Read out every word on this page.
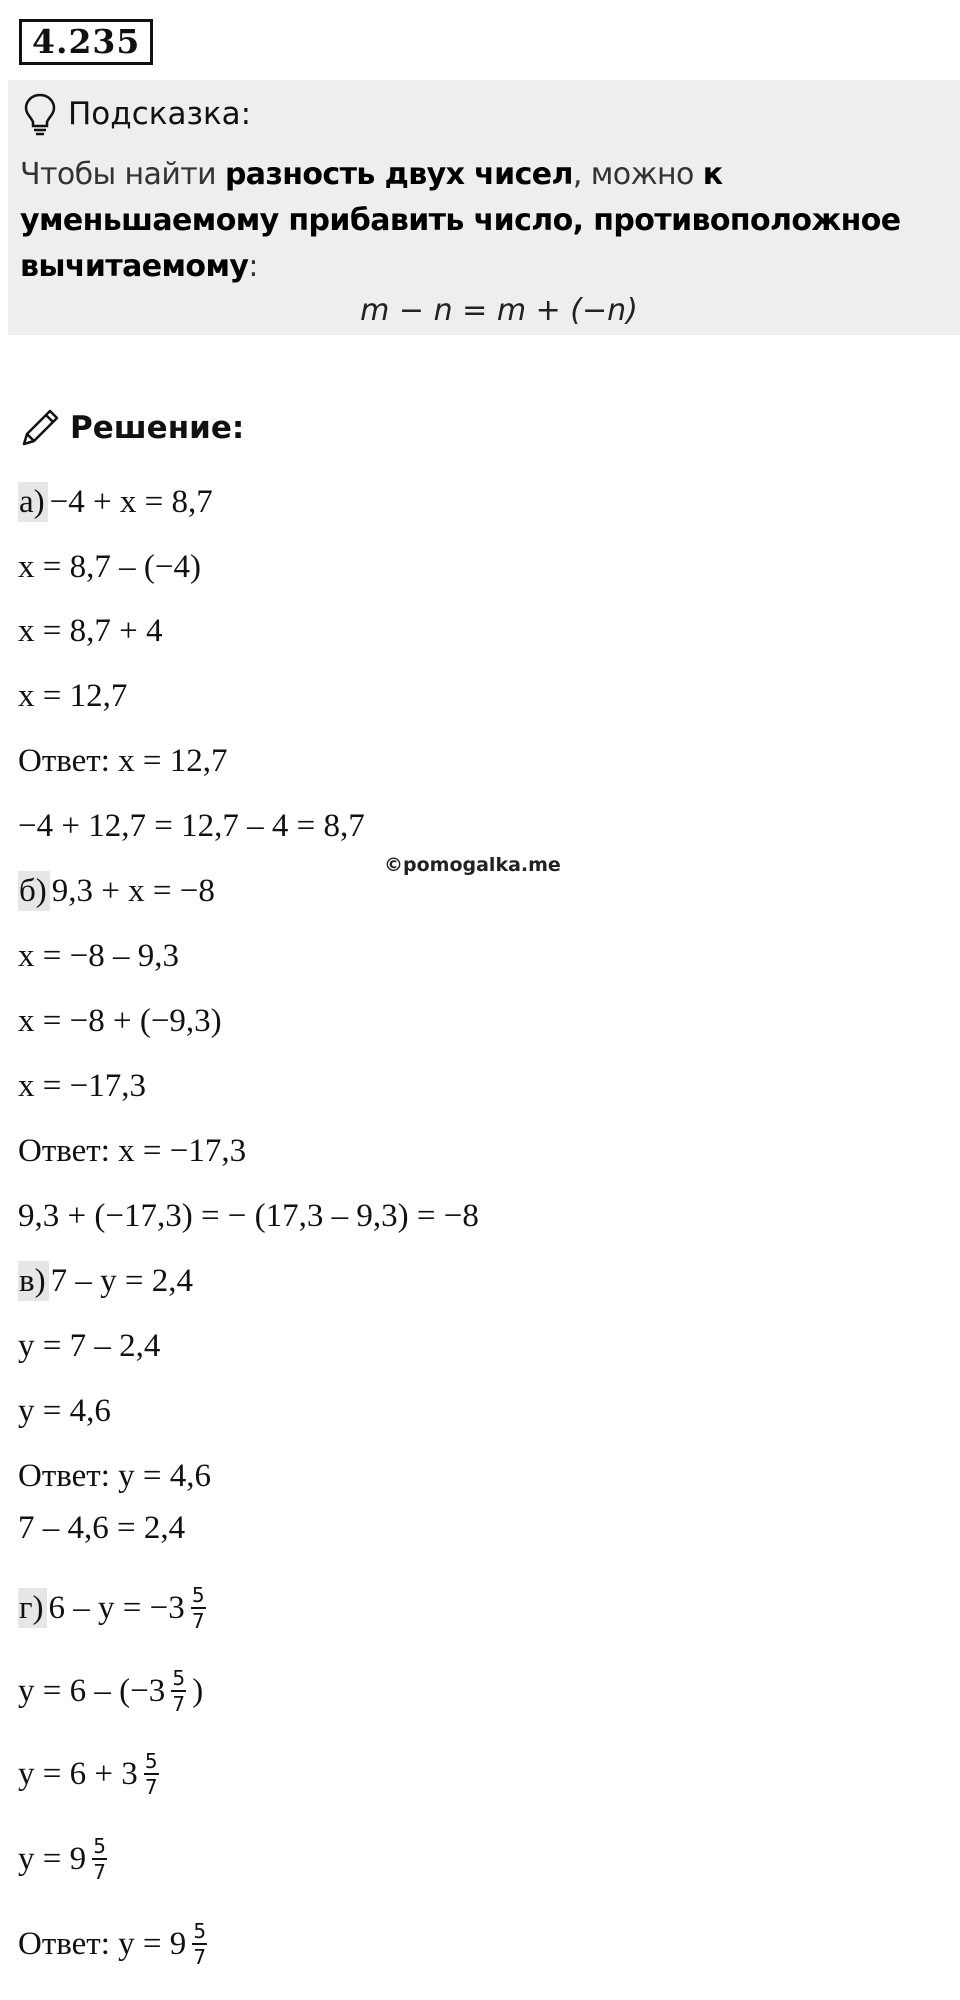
4.235
Подсказка:
Чтобы найти разность двух чисел, можно к уменьшаемому прибавить число, противоположное вычитаемому:
m − n = m + (−n)
Решение:
а) −4 + x = 8,7
x = 8,7 – (−4)
x = 8,7 + 4
x = 12,7
Ответ: x = 12,7
−4 + 12,7 = 12,7 – 4 = 8,7
©pomogalka.me
б) 9,3 + x = −8
x = −8 – 9,3
x = −8 + (−9,3)
x = −17,3
Ответ: x = −17,3
9,3 + (−17,3) = − (17,3 – 9,3) = −8
в) 7 – y = 2,4
y = 7 – 2,4
y = 4,6
Ответ: y = 4,6
7 – 4,6 = 2,4
г) $6 - y = -3 \frac{5}{7}$
$y = 6 - (-3 \frac{5}{7}$ )
$y = 6 + 3 \frac{5}{7}$
$y = 9 \frac{5}{7}$
Ответ: $y = 9 \frac{5}{7}$
